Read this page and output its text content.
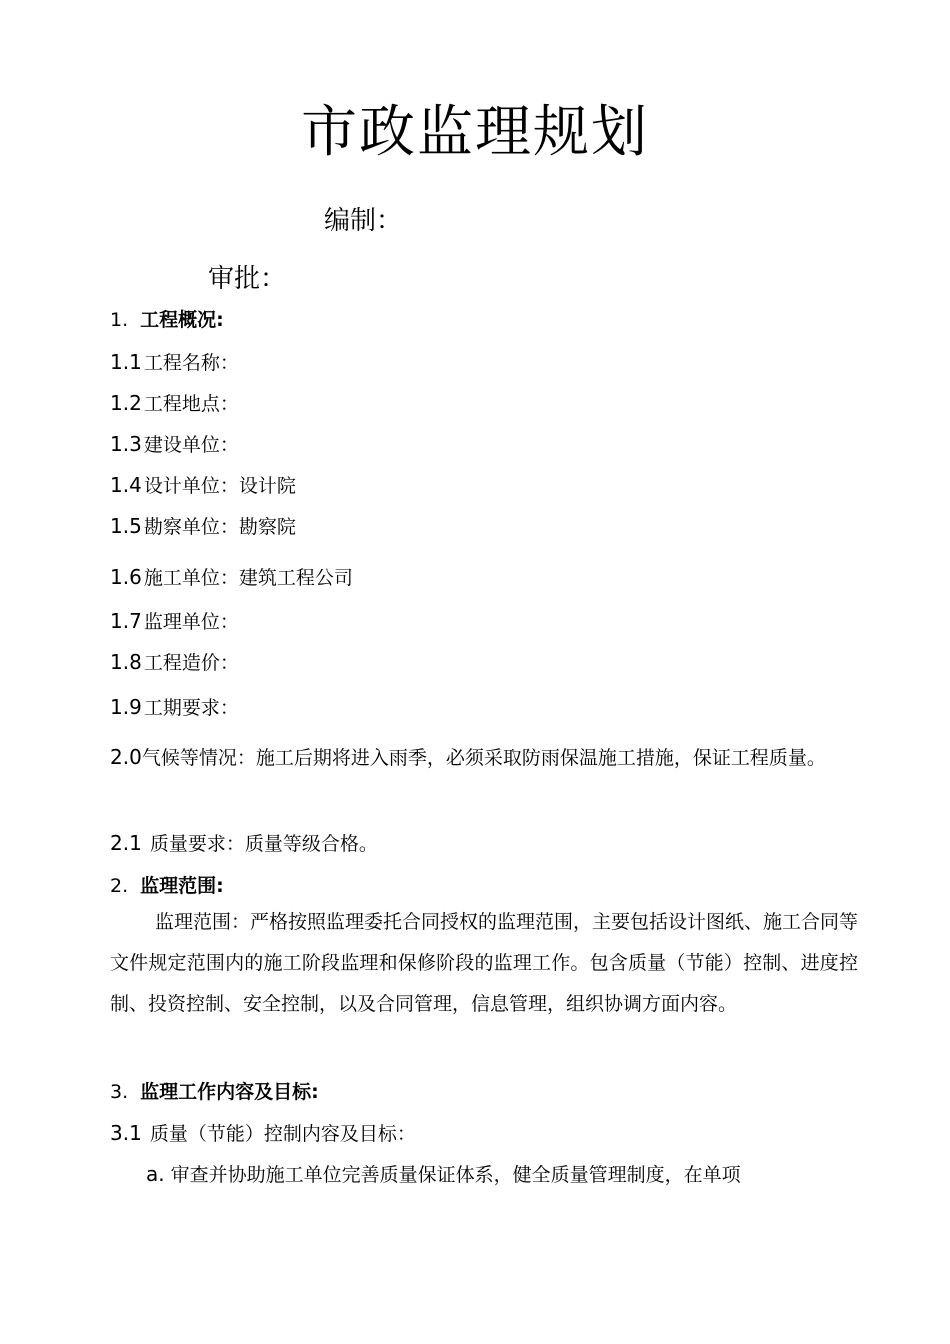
市政监理规划
编制：
审批：
1. 工程概况:
1.1 工程名称：
1.2 工程地点：
1.3 建设单位：
1.4 设计单位：设计院
1.5 勘察单位：勘察院
1.6 施工单位：建筑工程公司
1.7 监理单位：
1.8 工程造价：
1.9 工期要求：
2.0气候等情况：施工后期将进入雨季，必须采取防雨保温施工措施，保证工程质量。
2.1 质量要求：质量等级合格。
2. 监理范围:
监理范围：严格按照监理委托合同授权的监理范围，主要包括设计图纸、施工合同等文件规定范围内的施工阶段监理和保修阶段的监理工作。包含质量（节能）控制、进度控制、投资控制、安全控制，以及合同管理，信息管理，组织协调方面内容。
3. 监理工作内容及目标:
3.1 质量（节能）控制内容及目标：
a. 审查并协助施工单位完善质量保证体系，健全质量管理制度，在单项
